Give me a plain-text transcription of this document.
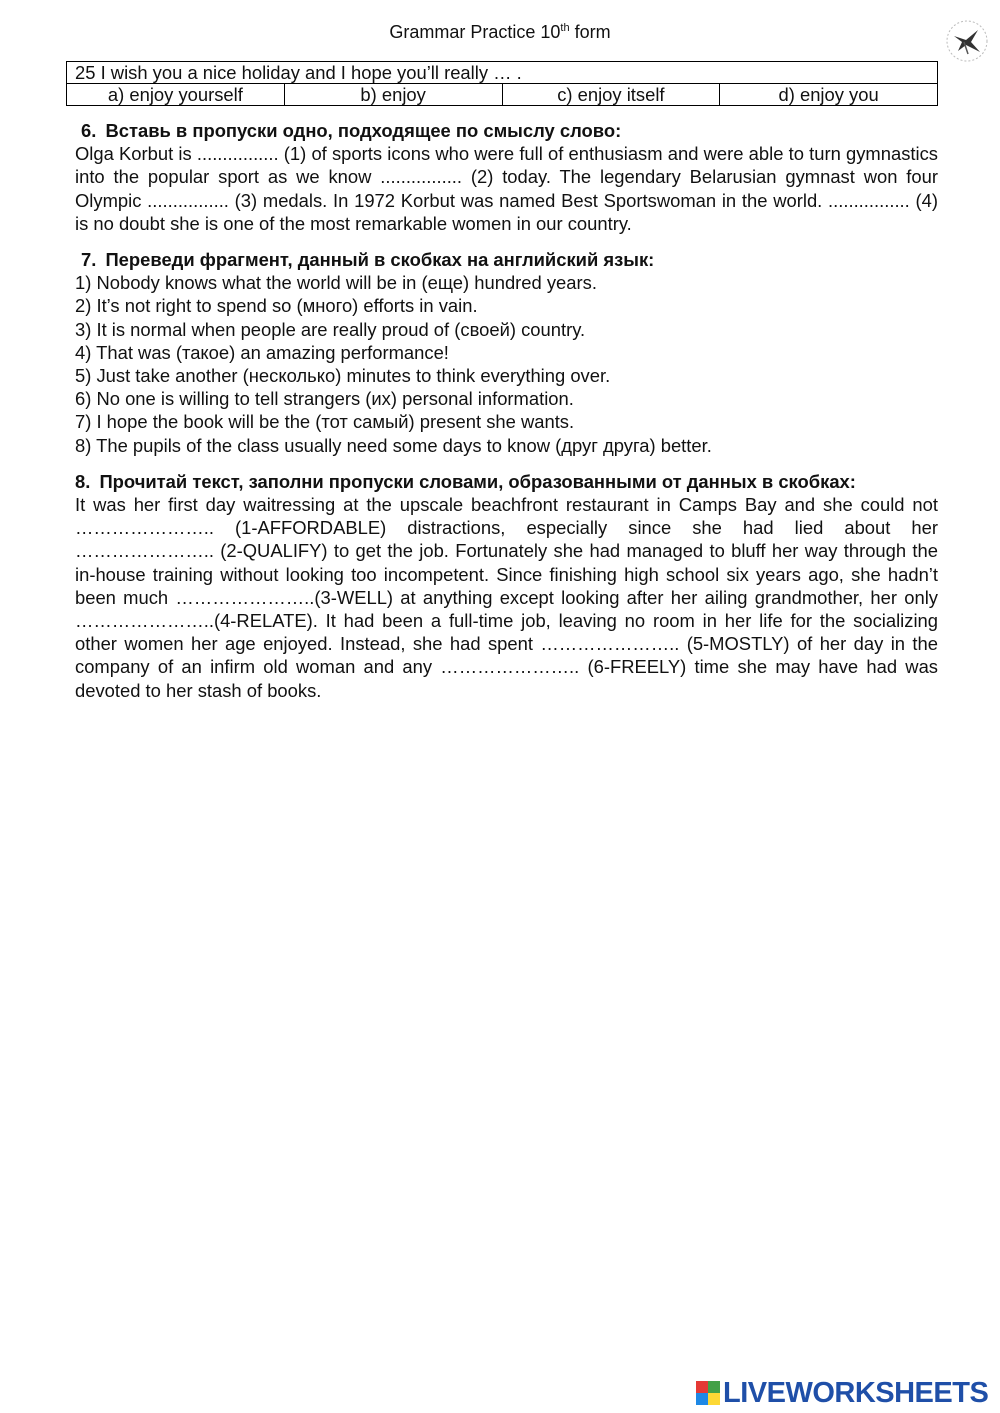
Grammar Practice 10th form
25 I wish you a nice holiday and I hope you’ll really … .
a) enjoy yourself	b) enjoy	c) enjoy itself	d) enjoy you
6. Вставь в пропуски одно, подходящее по смыслу слово:
Olga Korbut is ................ (1) of sports icons who were full of enthusiasm and were able to turn gymnastics into the popular sport as we know ................ (2) today. The legendary Belarusian gymnast won four Olympic ................ (3) medals. In 1972 Korbut was named Best Sportswoman in the world. ................ (4) is no doubt she is one of the most remarkable women in our country.
7. Переведи фрагмент, данный в скобках на английский язык:
1) Nobody knows what the world will be in (еще) hundred years.
2) It’s not right to spend so (много) efforts in vain.
3) It is normal when people are really proud of (своей) country.
4) That was (такое) an amazing performance!
5) Just take another (несколько) minutes to think everything over.
6) No one is willing to tell strangers (их) personal information.
7) I hope the book will be the (тот самый) present she wants.
8) The pupils of the class usually need some days to know (друг друга) better.
8. Прочитай текст, заполни пропуски словами, образованными от данных в скобках:
It was her first day waitressing at the upscale beachfront restaurant in Camps Bay and she could not ………………….. (1-AFFORDABLE) distractions, especially since she had lied about her ………………….. (2-QUALIFY) to get the job. Fortunately she had managed to bluff her way through the in-house training without looking too incompetent. Since finishing high school six years ago, she hadn’t been much …………………..(3-WELL) at anything except looking after her ailing grandmother, her only …………………..(4-RELATE). It had been a full-time job, leaving no room in her life for the socializing other women her age enjoyed. Instead, she had spent ………………….. (5-MOSTLY) of her day in the company of an infirm old woman and any ………………….. (6-FREELY) time she may have had was devoted to her stash of books.
LIVEWORKSHEETS
